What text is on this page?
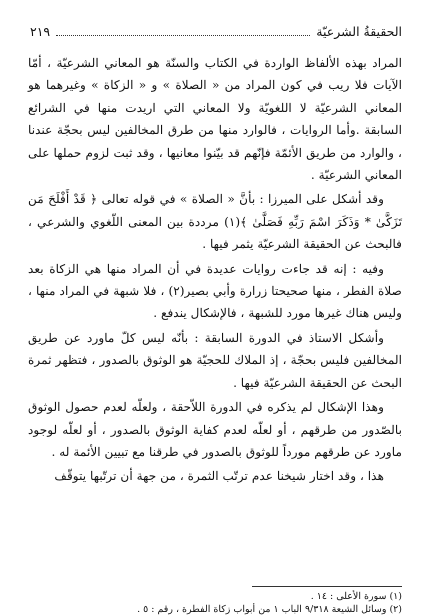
الحقيقةُ الشرعيّة
٢١٩

المراد بهذه الألفاظ الواردة في الكتاب والسنّة هو المعاني الشرعيّة ، أمّا الآيات فلا ريب في كون المراد من « الصلاة » و « الزكاة » وغيرهما هو المعاني الشرعيّة لا اللغويّة ولا المعاني التي اريدت منها في الشرائع السابقة .وأما الروايات ، فالوارد منها من طرق المخالفين ليس بحجّة عندنا ، والوارد من طريق الأئمّة فإنّهم قد بيّنوا معانيها ، وقد ثبت لزوم حملها على المعاني الشرعيّة .

وقد أشكل على الميرزا : بأنَّ « الصلاة » في قوله تعالى ﴿ قَدْ أَفْلَحَ مَن تَزَكَّىٰ * وَذَكَرَ اسْمَ رَبِّهِ فَصَلَّىٰ ﴾(١) مرددة بين المعنى اللّغوي والشرعي ، فالبحث عن الحقيقة الشرعيّة يثمر فيها .

وفيه : إنه قد جاءت روايات عديدة في أن المراد منها هي الزكاة بعد صلاة الفطر ، منها صحيحتا زرارة وأبي بصير(٢) ، فلا شبهة في المراد منها ، وليس هناك غيرها مورد للشبهة ، فالإشكال يندفع .

وأشكل الاستاذ في الدورة السابقة : بأنّه ليس كلّ ماورد عن طريق المخالفين فليس بحجّة ، إذ الملاك للحجيّة هو الوثوق بالصدور ، فتظهر ثمرة البحث عن الحقيقة الشرعيّة فيها .

وهذا الإشكال لم يذكره في الدورة اللاّحقة ، ولعلّه لعدم حصول الوثوق بالصّدور من طرقهم ، أو لعلّه لعدم كفاية الوثوق بالصدور ، أو لعلّه لوجود ماورد عن طرقهم مورداً للوثوق بالصدور في طرقنا مع تبيين الأئمة له .

هذا ، وقد اختار شيخنا عدم ترتّب الثمرة ، من جهة أن ترتّبها يتوقّف

(١) سورة الأعلى : ١٤ .
(٢) وسائل الشيعة ٩/٣١٨ الباب ١ من أبواب زكاة الفطرة ، رقم : ٥ .
